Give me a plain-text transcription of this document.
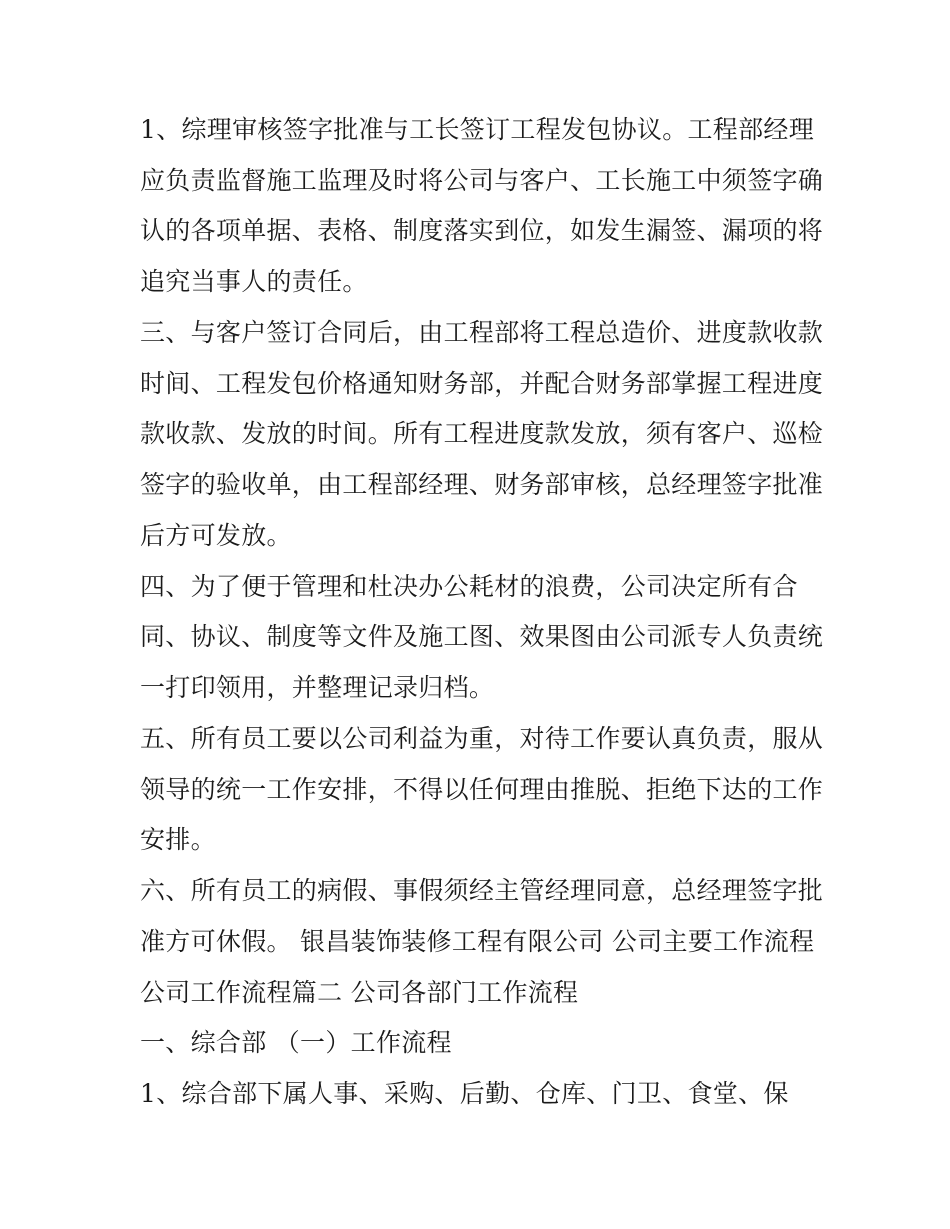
1、综理审核签字批准与工长签订工程发包协议。工程部经理
应负责监督施工监理及时将公司与客户、工长施工中须签字确
认的各项单据、表格、制度落实到位，如发生漏签、漏项的将
追究当事人的责任。
三、与客户签订合同后，由工程部将工程总造价、进度款收款
时间、工程发包价格通知财务部，并配合财务部掌握工程进度
款收款、发放的时间。所有工程进度款发放，须有客户、巡检
签字的验收单，由工程部经理、财务部审核，总经理签字批准
后方可发放。
四、为了便于管理和杜决办公耗材的浪费，公司决定所有合
同、协议、制度等文件及施工图、效果图由公司派专人负责统
一打印领用，并整理记录归档。
五、所有员工要以公司利益为重，对待工作要认真负责，服从
领导的统一工作安排，不得以任何理由推脱、拒绝下达的工作
安排。
六、所有员工的病假、事假须经主管经理同意，总经理签字批
准方可休假。 银昌装饰装修工程有限公司 公司主要工作流程
公司工作流程篇二 公司各部门工作流程
一、综合部 （一）工作流程
1、综合部下属人事、采购、后勤、仓库、门卫、食堂、保
